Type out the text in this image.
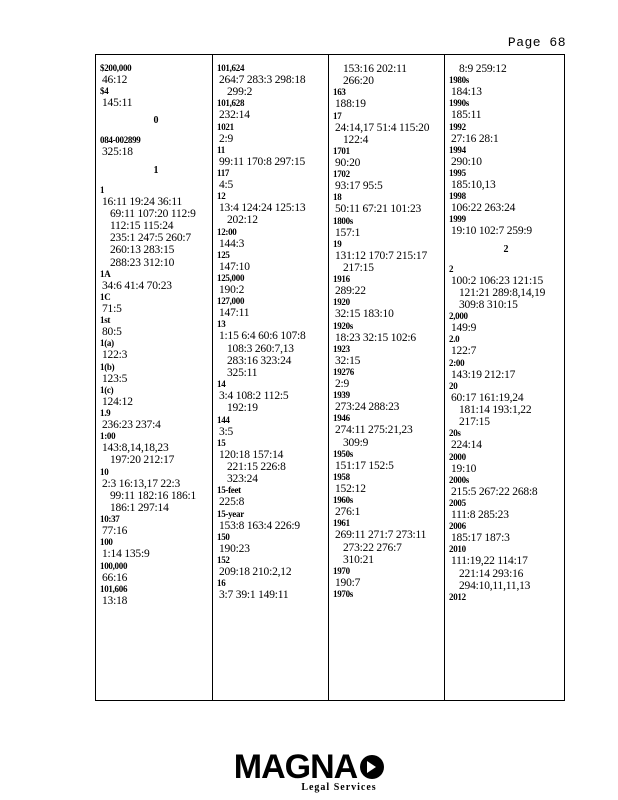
Page 68
$200,000
46:12
$4
145:11
0
084-002899
325:18
1
1
16:11 19:24 36:11
69:11 107:20 112:9
112:15 115:24
235:1 247:5 260:7
260:13 283:15
288:23 312:10
1A
34:6 41:4 70:23
1C
71:5
1st
80:5
1(a)
122:3
1(b)
123:5
1(c)
124:12
1.9
236:23 237:4
1:00
143:8,14,18,23
197:20 212:17
10
2:3 16:13,17 22:3
99:11 182:16 186:1
186:1 297:14
10:37
77:16
100
1:14 135:9
100,000
66:16
101,606
13:18
101,624
264:7 283:3 298:18
299:2
101,628
232:14
1021
2:9
11
99:11 170:8 297:15
117
4:5
12
13:4 124:24 125:13
202:12
12:00
144:3
125
147:10
125,000
190:2
127,000
147:11
13
1:15 6:4 60:6 107:8
108:3 260:7,13
283:16 323:24
325:11
14
3:4 108:2 112:5
192:19
144
3:5
15
120:18 157:14
221:15 226:8
323:24
15-feet
225:8
15-year
153:8 163:4 226:9
150
190:23
152
209:18 210:2,12
16
3:7 39:1 149:11
153:16 202:11
266:20
163
188:19
17
24:14,17 51:4 115:20
122:4
1701
90:20
1702
93:17 95:5
18
50:11 67:21 101:23
1800s
157:1
19
131:12 170:7 215:17
217:15
1916
289:22
1920
32:15 183:10
1920s
18:23 32:15 102:6
1923
32:15
19276
2:9
1939
273:24 288:23
1946
274:11 275:21,23
309:9
1950s
151:17 152:5
1958
152:12
1960s
276:1
1961
269:11 271:7 273:11
273:22 276:7
310:21
1970
190:7
1970s
8:9 259:12
1980s
184:13
1990s
185:11
1992
27:16 28:1
1994
290:10
1995
185:10,13
1998
106:22 263:24
1999
19:10 102:7 259:9
2
2
100:2 106:23 121:15
121:21 289:8,14,19
309:8 310:15
2,000
149:9
2.0
122:7
2:00
143:19 212:17
20
60:17 161:19,24
181:14 193:1,22
217:15
20s
224:14
2000
19:10
2000s
215:5 267:22 268:8
2005
111:8 285:23
2006
185:17 187:3
2010
111:19,22 114:17
221:14 293:16
294:10,11,11,13
2012
MAGNA
Legal Services
